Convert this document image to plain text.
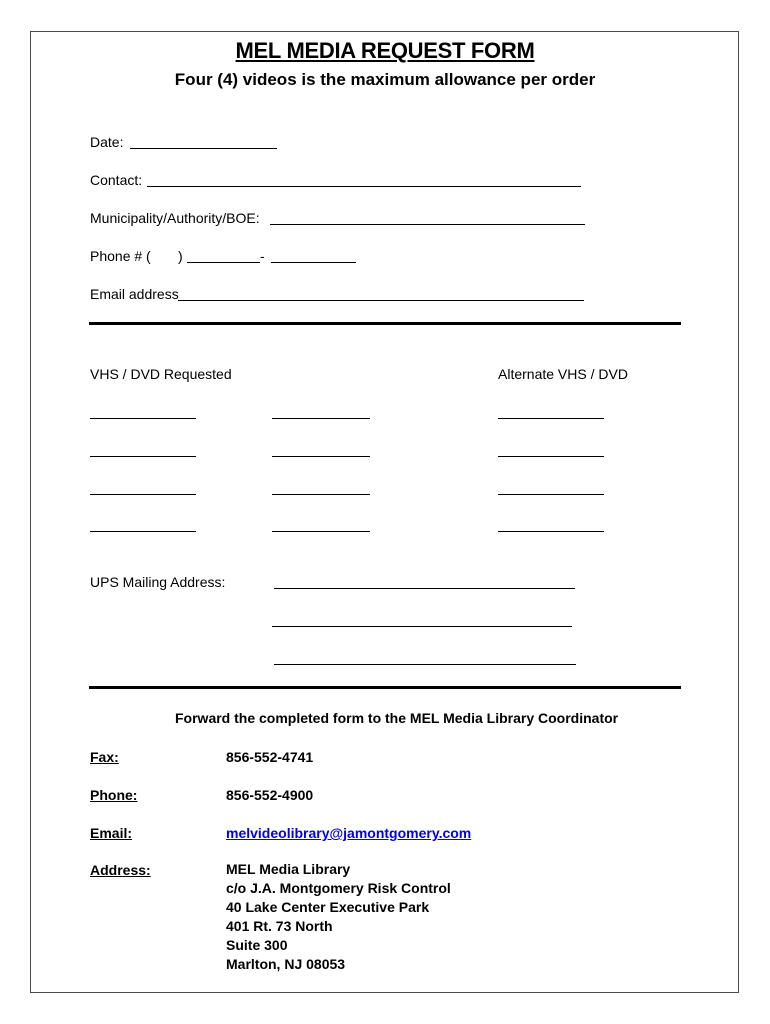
MEL MEDIA REQUEST FORM
Four (4) videos is the maximum allowance per order
Date:
Contact:
Municipality/Authority/BOE:
Phone # ( )	-
Email address
VHS / DVD Requested	Alternate VHS / DVD
UPS Mailing Address:
Forward the completed form to the MEL Media Library Coordinator
Fax:	856-552-4741
Phone:	856-552-4900
Email:	melvideolibrary@jamontgomery.com
Address:	MEL Media Library
c/o J.A. Montgomery Risk Control
40 Lake Center Executive Park
401 Rt. 73 North
Suite 300
Marlton, NJ 08053
